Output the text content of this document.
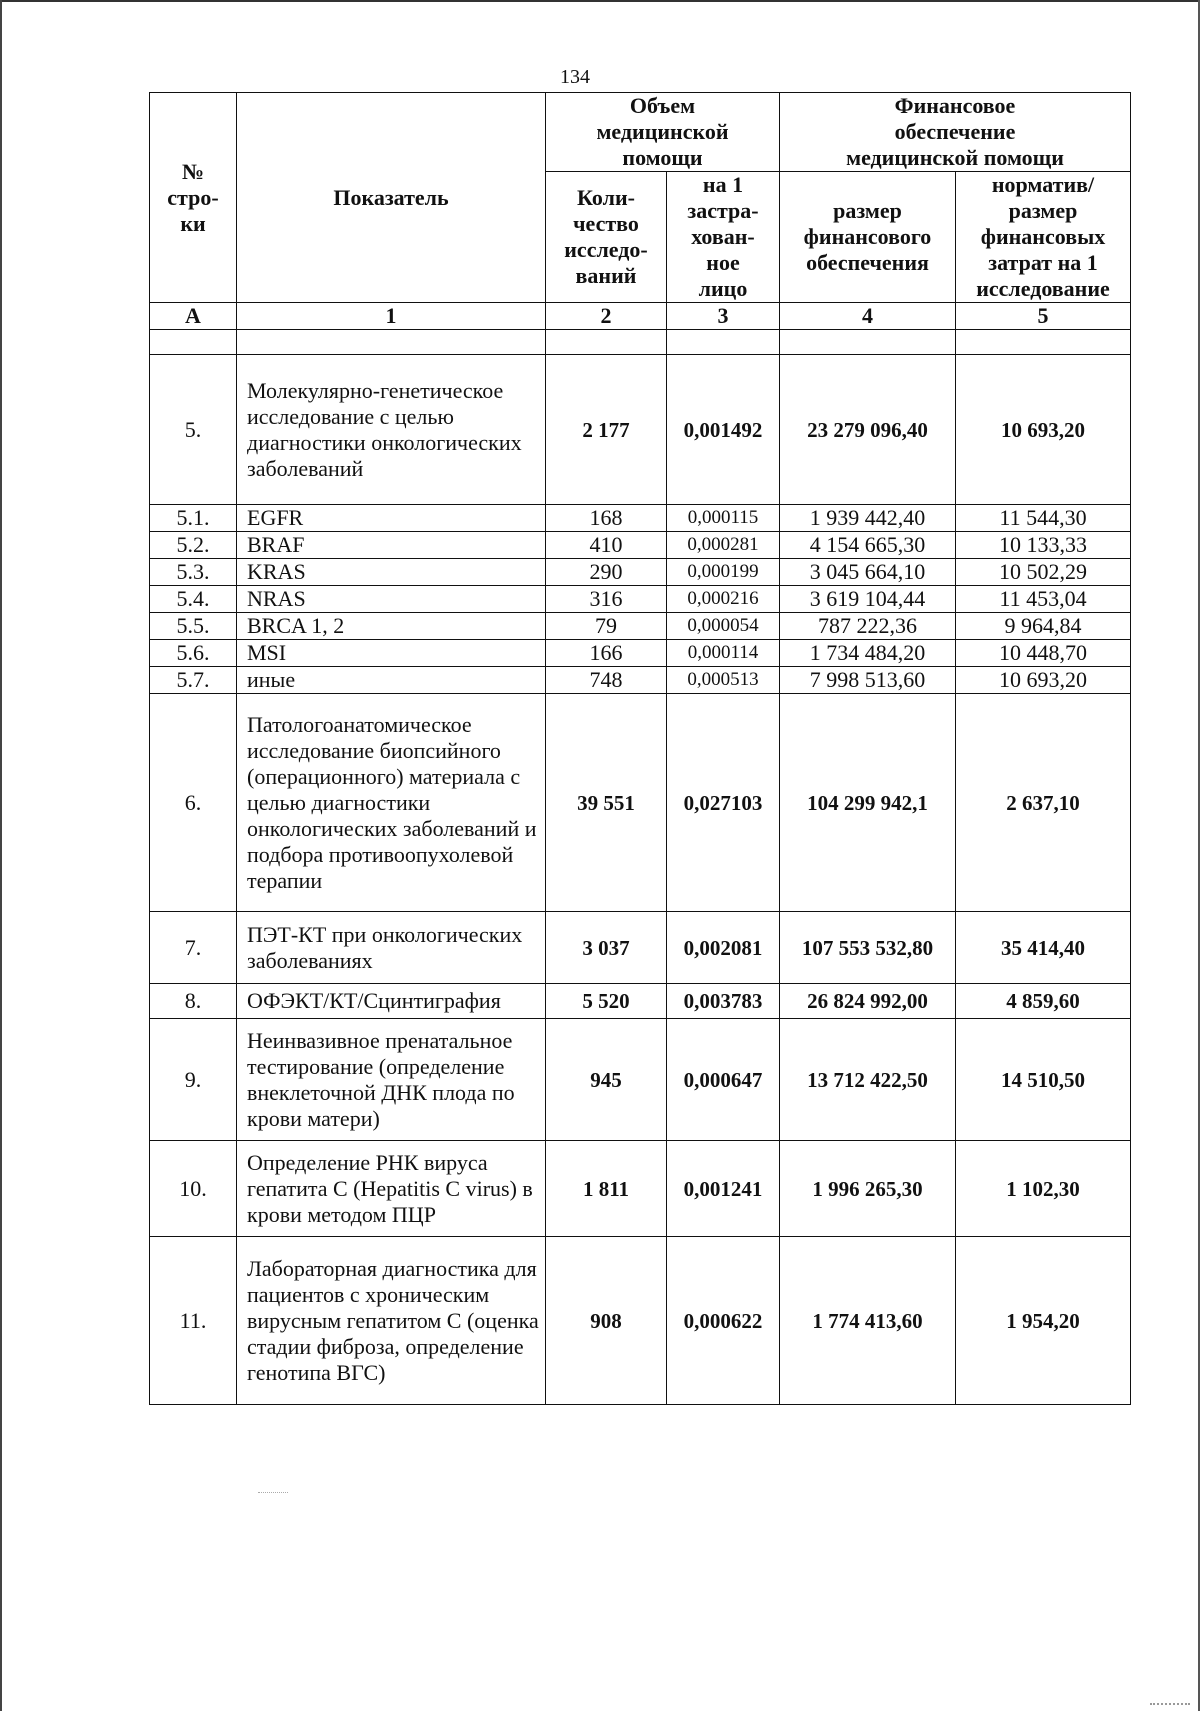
134
№ стро- ки	Показатель	Объем медицинской помощи		Финансовое обеспечение медицинской помощи	
		Коли- чество исследо- ваний	на 1 застра- хован- ное лицо	размер финансового обеспечения	норматив/ размер финансовых затрат на 1 исследование
А	1	2	3	4	5

5.	Молекулярно-генетическое исследование с целью диагностики онкологических заболеваний	2 177	0,001492	23 279 096,40	10 693,20
5.1.	EGFR	168	0,000115	1 939 442,40	11 544,30
5.2.	BRAF	410	0,000281	4 154 665,30	10 133,33
5.3.	KRAS	290	0,000199	3 045 664,10	10 502,29
5.4.	NRAS	316	0,000216	3 619 104,44	11 453,04
5.5.	BRCA 1, 2	79	0,000054	787 222,36	9 964,84
5.6.	MSI	166	0,000114	1 734 484,20	10 448,70
5.7.	иные	748	0,000513	7 998 513,60	10 693,20
6.	Патологоанатомическое исследование биопсийного (операционного) материала с целью диагностики онкологических заболеваний и подбора противоопухолевой терапии	39 551	0,027103	104 299 942,1	2 637,10
7.	ПЭТ-КТ при онкологических заболеваниях	3 037	0,002081	107 553 532,80	35 414,40
8.	ОФЭКТ/КТ/Сцинтиграфия	5 520	0,003783	26 824 992,00	4 859,60
9.	Неинвазивное пренатальное тестирование (определение внеклеточной ДНК плода по крови матери)	945	0,000647	13 712 422,50	14 510,50
10.	Определение РНК вируса гепатита С (Hepatitis C virus) в крови методом ПЦР	1 811	0,001241	1 996 265,30	1 102,30
11.	Лабораторная диагностика для пациентов с хроническим вирусным гепатитом С (оценка стадии фиброза, определение генотипа ВГС)	908	0,000622	1 774 413,60	1 954,20
